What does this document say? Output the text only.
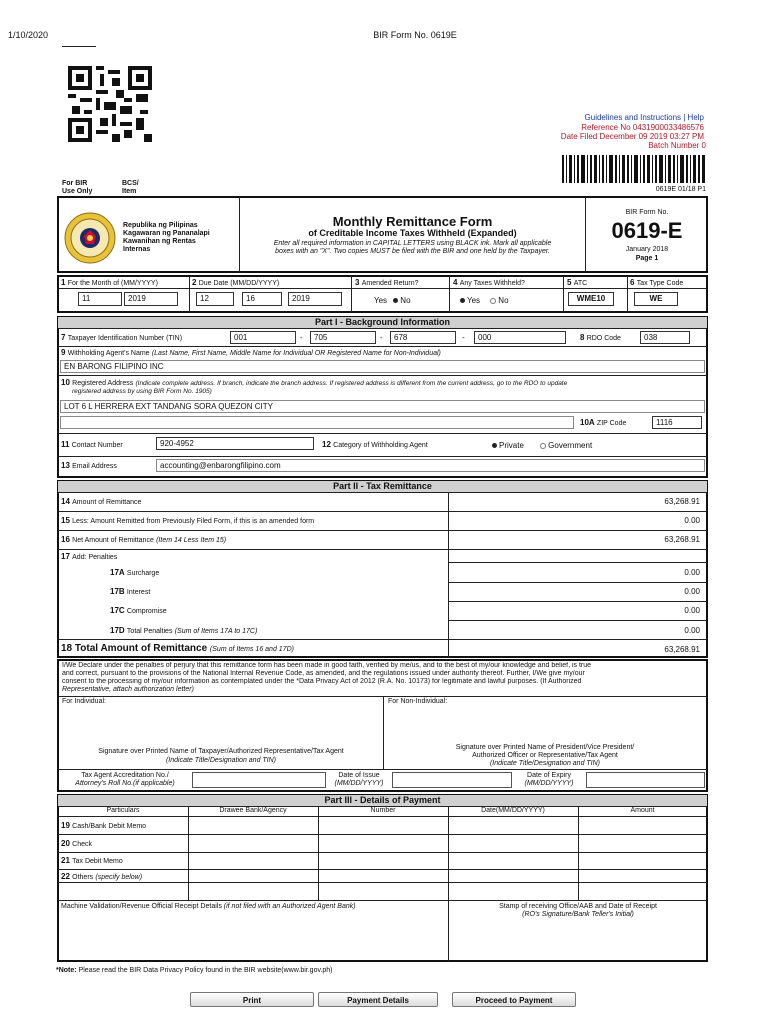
1/10/2020	BIR Form No. 0619E
Guidelines and Instructions | Help
Reference No 0431900033486576
Date Filed December 09 2019 03:27 PM
Batch Number 0
0619E 01/18 P1
For BIR
Use Only
BCS/
Item
Republika ng Pilipinas
Kagawaran ng Pananalapi
Kawanihan ng Rentas
Internas
Monthly Remittance Form
of Creditable Income Taxes Withheld (Expanded)
Enter all required information in CAPITAL LETTERS using BLACK ink. Mark all applicable
boxes with an "X". Two copies MUST be filed with the BIR and one held by the Taxpayer.
BIR Form No.
0619-E
January 2018
Page 1
1 For the Month of (MM/YYYY)
11	2019
2 Due Date (MM/DD/YYYY)
12	16	2019
3 Amended Return?
Yes No
4 Any Taxes Withheld?
Yes No
5 ATC
WME10
6 Tax Type Code
WE
Part I - Background Information
7 Taxpayer Identification Number (TIN)	001	-	705	-	678	-	000	8 RDO Code	038
9 Withholding Agent's Name (Last Name, First Name, Middle Name for Individual OR Registered Name for Non-Individual)
EN BARONG FILIPINO INC
10 Registered Address (Indicate complete address. If branch, indicate the branch address. If registered address is different from the current address, go to the RDO to update
registered address by using BIR Form No. 1905)
LOT 6 L HERRERA EXT TANDANG SORA QUEZON CITY
10A ZIP Code	1116
11 Contact Number	920-4952	12 Category of Withholding Agent	Private	Government
13 Email Address	accounting@enbarongfilipino.com
Part II - Tax Remittance
14 Amount of Remittance	63,268.91
15 Less: Amount Remitted from Previously Filed Form, if this is an amended form	0.00
16 Net Amount of Remittance (Item 14 Less Item 15)	63,268.91
17 Add: Penalties
17A Surcharge	0.00
17B Interest	0.00
17C Compromise	0.00
17D Total Penalties (Sum of Items 17A to 17C)	0.00
18 Total Amount of Remittance (Sum of Items 16 and 17D)	63,268.91
I/We Declare under the penalties of perjury that this remittance form has been made in good faith, verified by me/us, and to the best of my/our knowledge and belief, is true
and correct, pursuant to the provisions of the National Internal Revenue Code, as amended, and the regulations issued under authority thereof. Further, I/We give my/our
consent to the processing of my/our information as contemplated under the *Data Privacy Act of 2012 (R.A. No. 10173) for legitimate and lawful purposes. (If Authorized
Representative, attach authorization letter)
For Individual:	For Non-Individual:
Signature over Printed Name of Taxpayer/Authorized Representative/Tax Agent
(Indicate Title/Designation and TIN)
Signature over Printed Name of President/Vice President/
Authorized Officer or Representative/Tax Agent
(Indicate Title/Designation and TIN)
Tax Agent Accreditation No./
Attorney's Roll No.(if applicable)
Date of Issue
(MM/DD/YYYY)
Date of Expiry
(MM/DD/YYYY)
Part III - Details of Payment
Particulars	Drawee Bank/Agency	Number	Date(MM/DD/YYYY)	Amount
19 Cash/Bank Debit Memo
20 Check
21 Tax Debit Memo
22 Others (specify below)
Machine Validation/Revenue Official Receipt Details (if not filed with an Authorized Agent Bank)	Stamp of receiving Office/AAB and Date of Receipt
(RO's Signature/Bank Teller's Initial)
*Note: Please read the BIR Data Privacy Policy found in the BIR website(www.bir.gov.ph)
Print	Payment Details	Proceed to Payment
